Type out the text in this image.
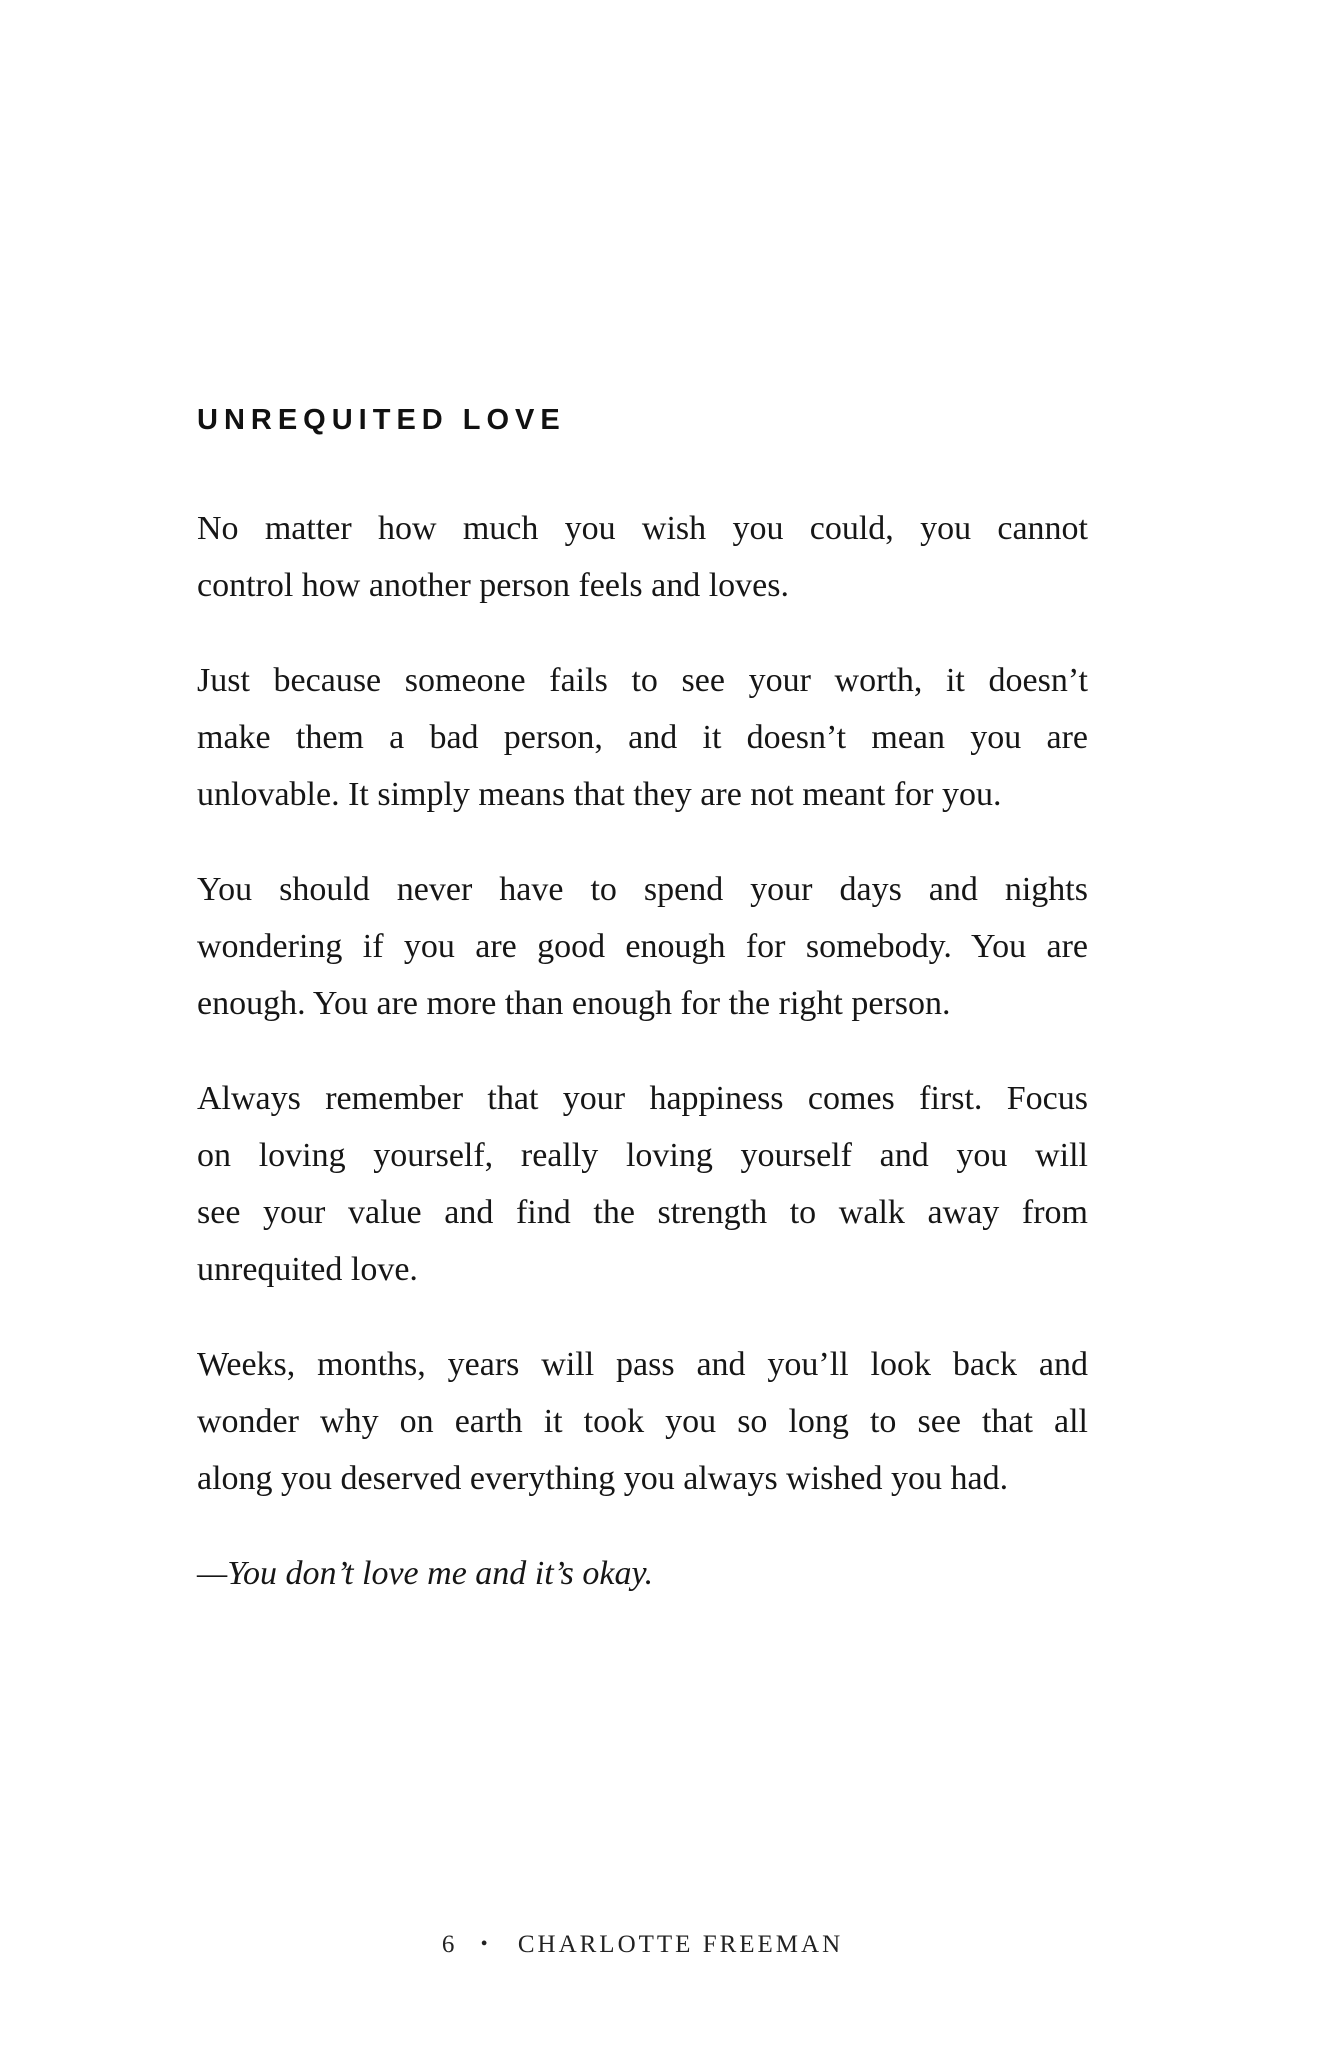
UNREQUITED LOVE

No matter how much you wish you could, you cannot
control how another person feels and loves.

Just because someone fails to see your worth, it doesn’t
make them a bad person, and it doesn’t mean you are
unlovable. It simply means that they are not meant for you.

You should never have to spend your days and nights
wondering if you are good enough for somebody. You are
enough. You are more than enough for the right person.

Always remember that your happiness comes first. Focus
on loving yourself, really loving yourself and you will
see your value and find the strength to walk away from
unrequited love.

Weeks, months, years will pass and you’ll look back and
wonder why on earth it took you so long to see that all
along you deserved everything you always wished you had.

—You don’t love me and it’s okay.

6 • CHARLOTTE FREEMAN
